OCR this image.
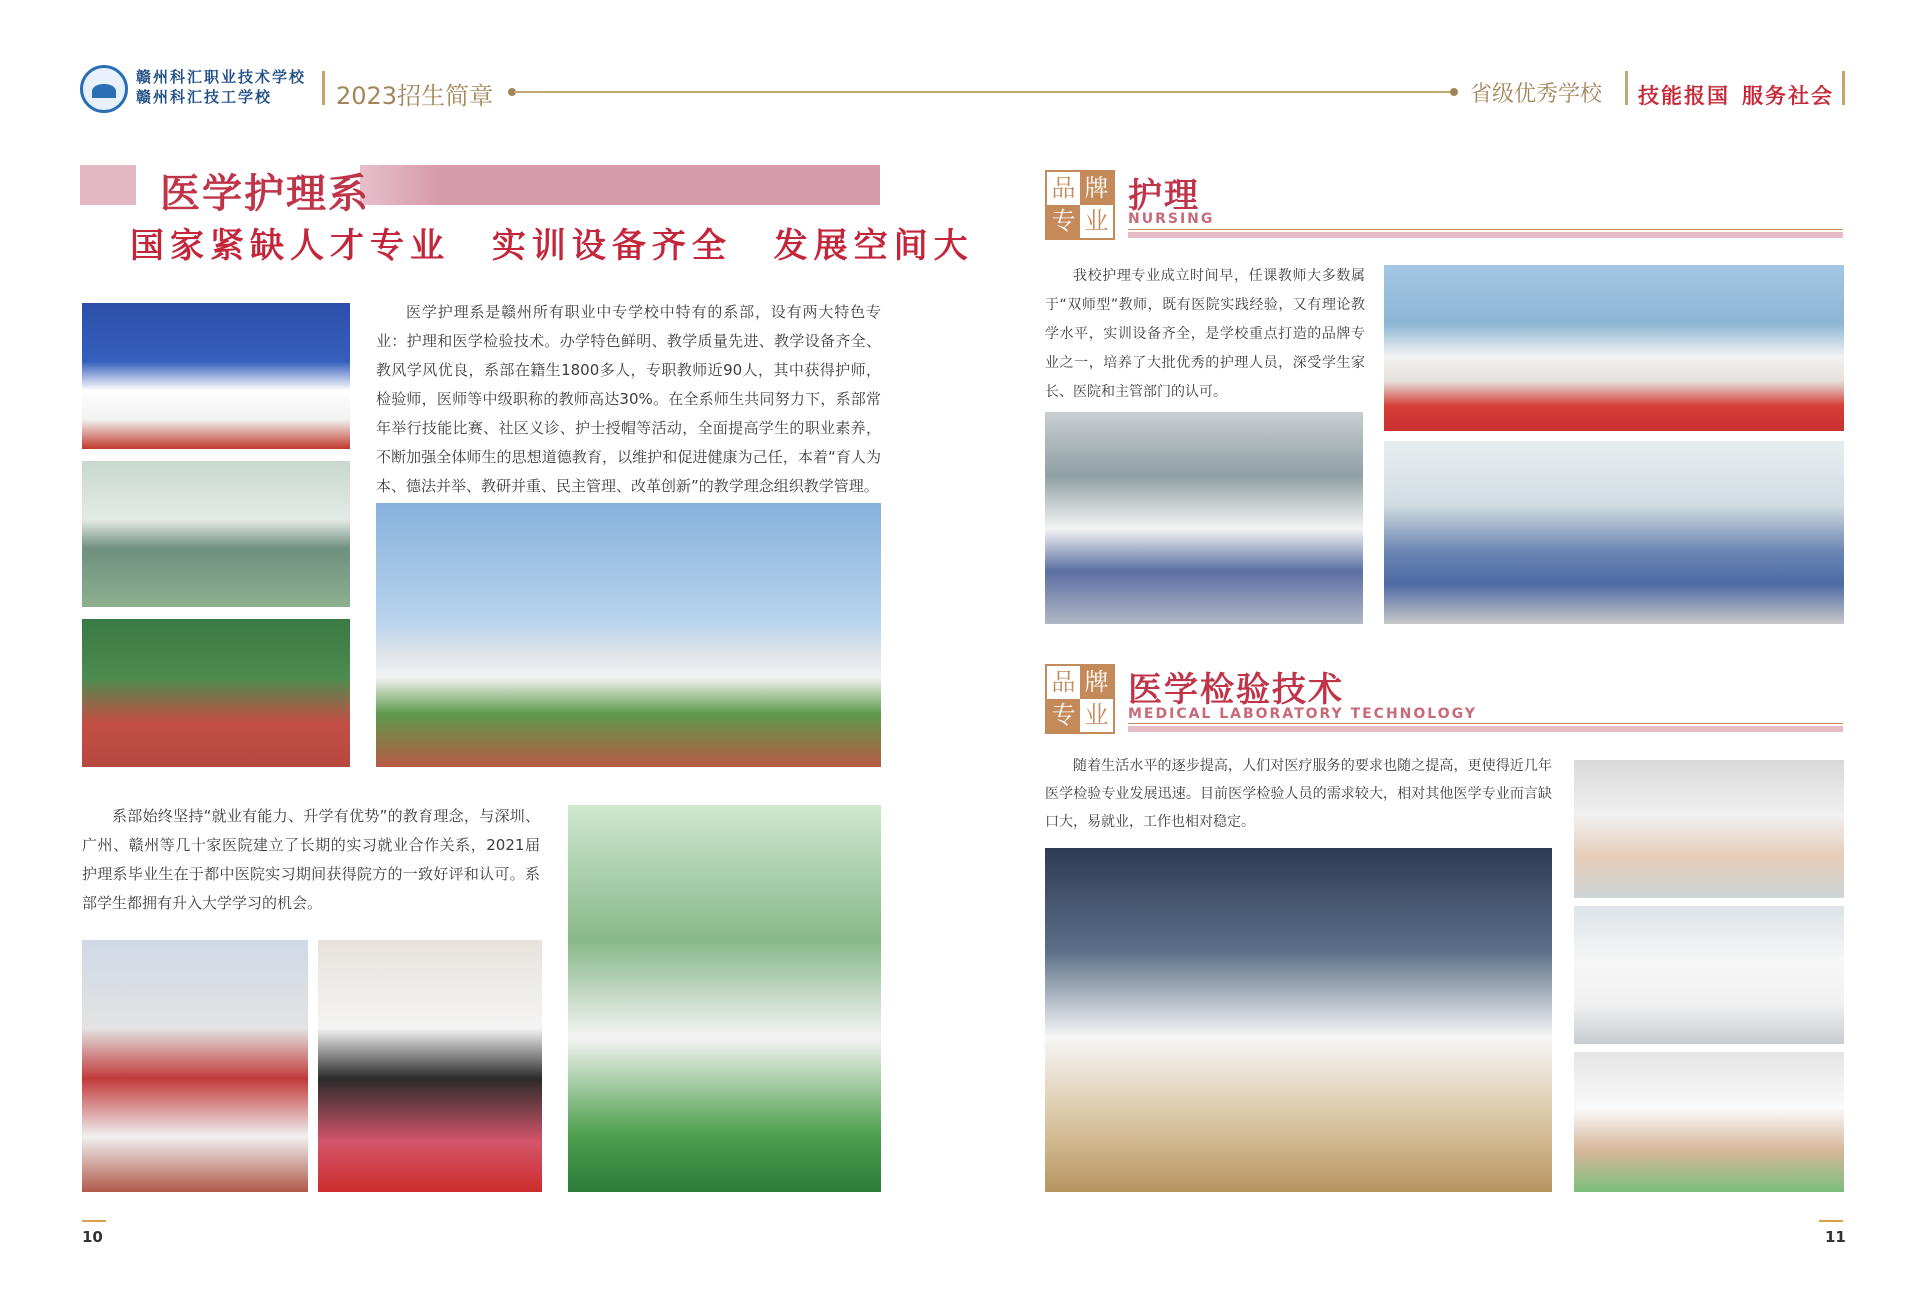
赣州科汇职业技术学校
赣州科汇技工学校	2023招生简章	省级优秀学校 技能报国 服务社会
医学护理系
国家紧缺人才专业 实训设备齐全 发展空间大
医学护理系是赣州所有职业中专学校中特有的系部，设有两大特色专业：护理和医学检验技术。办学特色鲜明、教学质量先进、教学设备齐全、教风学风优良，系部在籍生1800多人，专职教师近90人，其中获得护师，检验师，医师等中级职称的教师高达30%。在全系师生共同努力下，系部常年举行技能比赛、社区义诊、护士授帽等活动，全面提高学生的职业素养，不断加强全体师生的思想道德教育，以维护和促进健康为己任，本着“育人为本、德法并举、教研并重、民主管理、改革创新”的教学理念组织教学管理。
系部始终坚持“就业有能力、升学有优势”的教育理念，与深圳、广州、赣州等几十家医院建立了长期的实习就业合作关系，2021届护理系毕业生在于都中医院实习期间获得院方的一致好评和认可。系部学生都拥有升入大学学习的机会。
10
品 牌
专 业
护理
NURSING
我校护理专业成立时间早，任课教师大多数属于“双师型”教师，既有医院实践经验，又有理论教学水平，实训设备齐全，是学校重点打造的品牌专业之一，培养了大批优秀的护理人员，深受学生家长、医院和主管部门的认可。
品 牌
专 业
医学检验技术
MEDICAL LABORATORY TECHNOLOGY
随着生活水平的逐步提高，人们对医疗服务的要求也随之提高，更使得近几年医学检验专业发展迅速。目前医学检验人员的需求较大，相对其他医学专业而言缺口大，易就业，工作也相对稳定。
11
